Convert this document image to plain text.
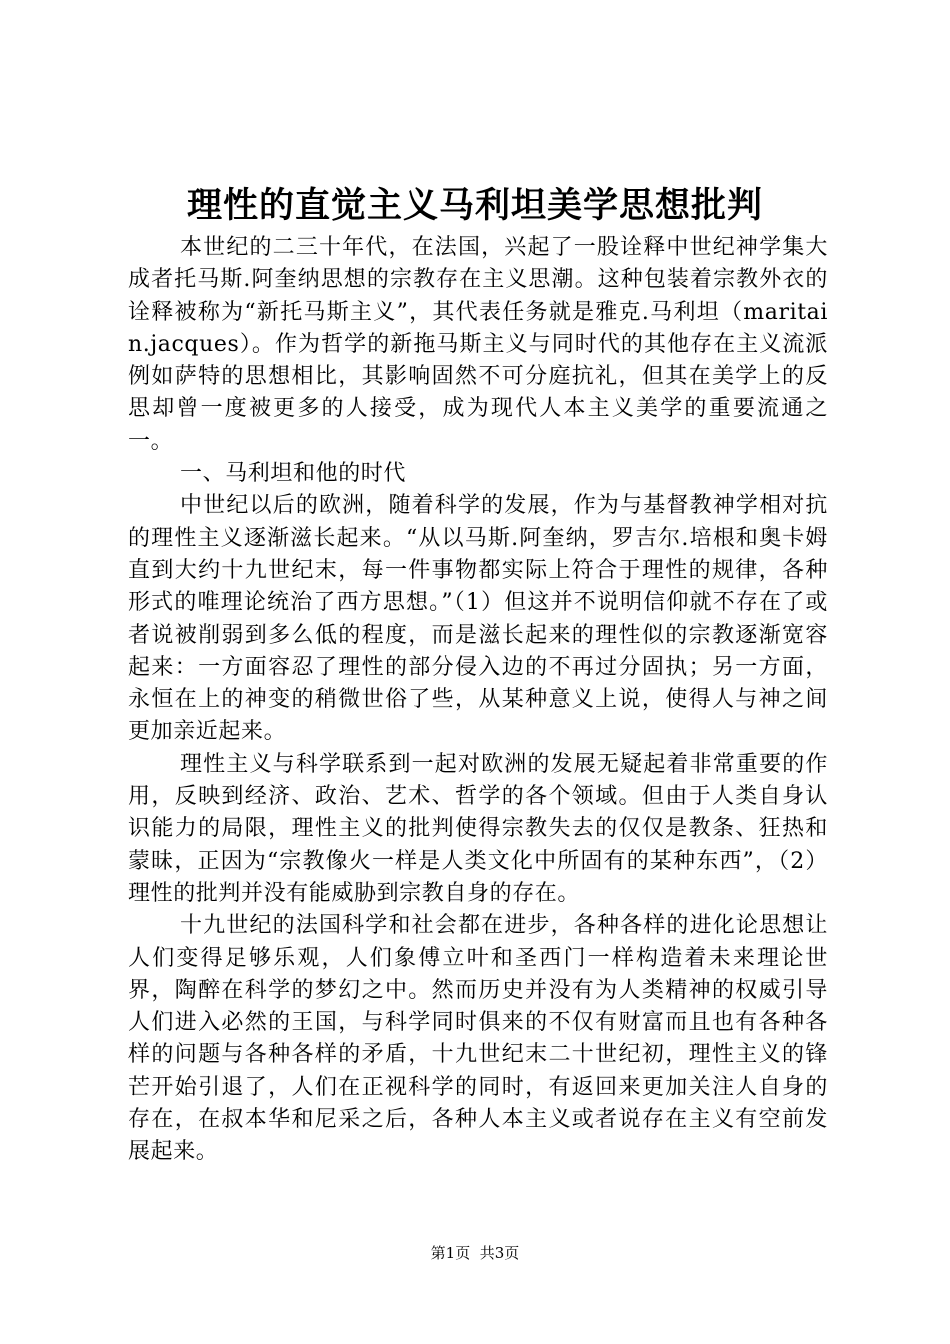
理性的直觉主义马利坦美学思想批判

本世纪的二三十年代，在法国，兴起了一股诠释中世纪神学集大成者托马斯.阿奎纳思想的宗教存在主义思潮。这种包装着宗教外衣的诠释被称为“新托马斯主义”，其代表任务就是雅克.马利坦（maritain.jacques）。作为哲学的新拖马斯主义与同时代的其他存在主义流派例如萨特的思想相比，其影响固然不可分庭抗礼，但其在美学上的反思却曾一度被更多的人接受，成为现代人本主义美学的重要流通之一。

一、马利坦和他的时代

中世纪以后的欧洲，随着科学的发展，作为与基督教神学相对抗的理性主义逐渐滋长起来。“从以马斯.阿奎纳，罗吉尔.培根和奥卡姆直到大约十九世纪末，每一件事物都实际上符合于理性的规律，各种形式的唯理论统治了西方思想。”（1）但这并不说明信仰就不存在了或者说被削弱到多么低的程度，而是滋长起来的理性似的宗教逐渐宽容起来：一方面容忍了理性的部分侵入边的不再过分固执；另一方面，永恒在上的神变的稍微世俗了些，从某种意义上说，使得人与神之间更加亲近起来。

理性主义与科学联系到一起对欧洲的发展无疑起着非常重要的作用，反映到经济、政治、艺术、哲学的各个领域。但由于人类自身认识能力的局限，理性主义的批判使得宗教失去的仅仅是教条、狂热和蒙昧，正因为“宗教像火一样是人类文化中所固有的某种东西”，（2）理性的批判并没有能威胁到宗教自身的存在。

十九世纪的法国科学和社会都在进步，各种各样的进化论思想让人们变得足够乐观，人们象傅立叶和圣西门一样构造着未来理论世界，陶醉在科学的梦幻之中。然而历史并没有为人类精神的权威引导人们进入必然的王国，与科学同时俱来的不仅有财富而且也有各种各样的问题与各种各样的矛盾，十九世纪末二十世纪初，理性主义的锋芒开始引退了，人们在正视科学的同时，有返回来更加关注人自身的存在，在叔本华和尼采之后，各种人本主义或者说存在主义有空前发展起来。

第1页 共3页
